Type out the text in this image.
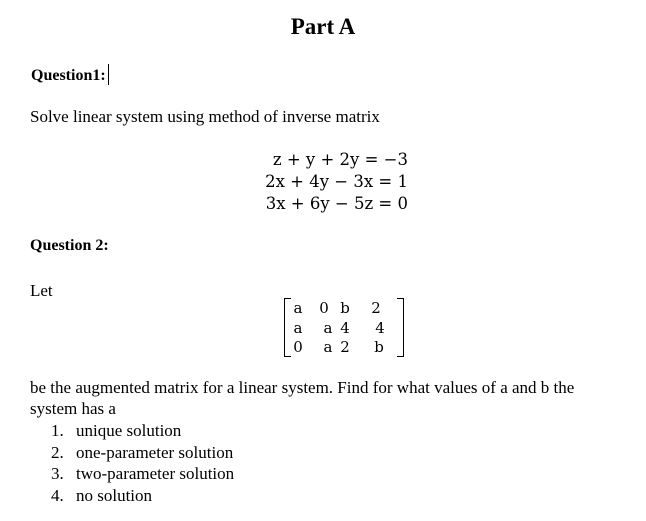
Part A
Question1:
Solve linear system using method of inverse matrix
z + y + 2y = −3
2x + 4y − 3x = 1
3x + 6y − 5z = 0
Question 2:
Let
a 0 b 2
a a 4 4
0 a 2 b
be the augmented matrix for a linear system. Find for what values of a and b the
system has a
1. unique solution
2. one-parameter solution
3. two-parameter solution
4. no solution
